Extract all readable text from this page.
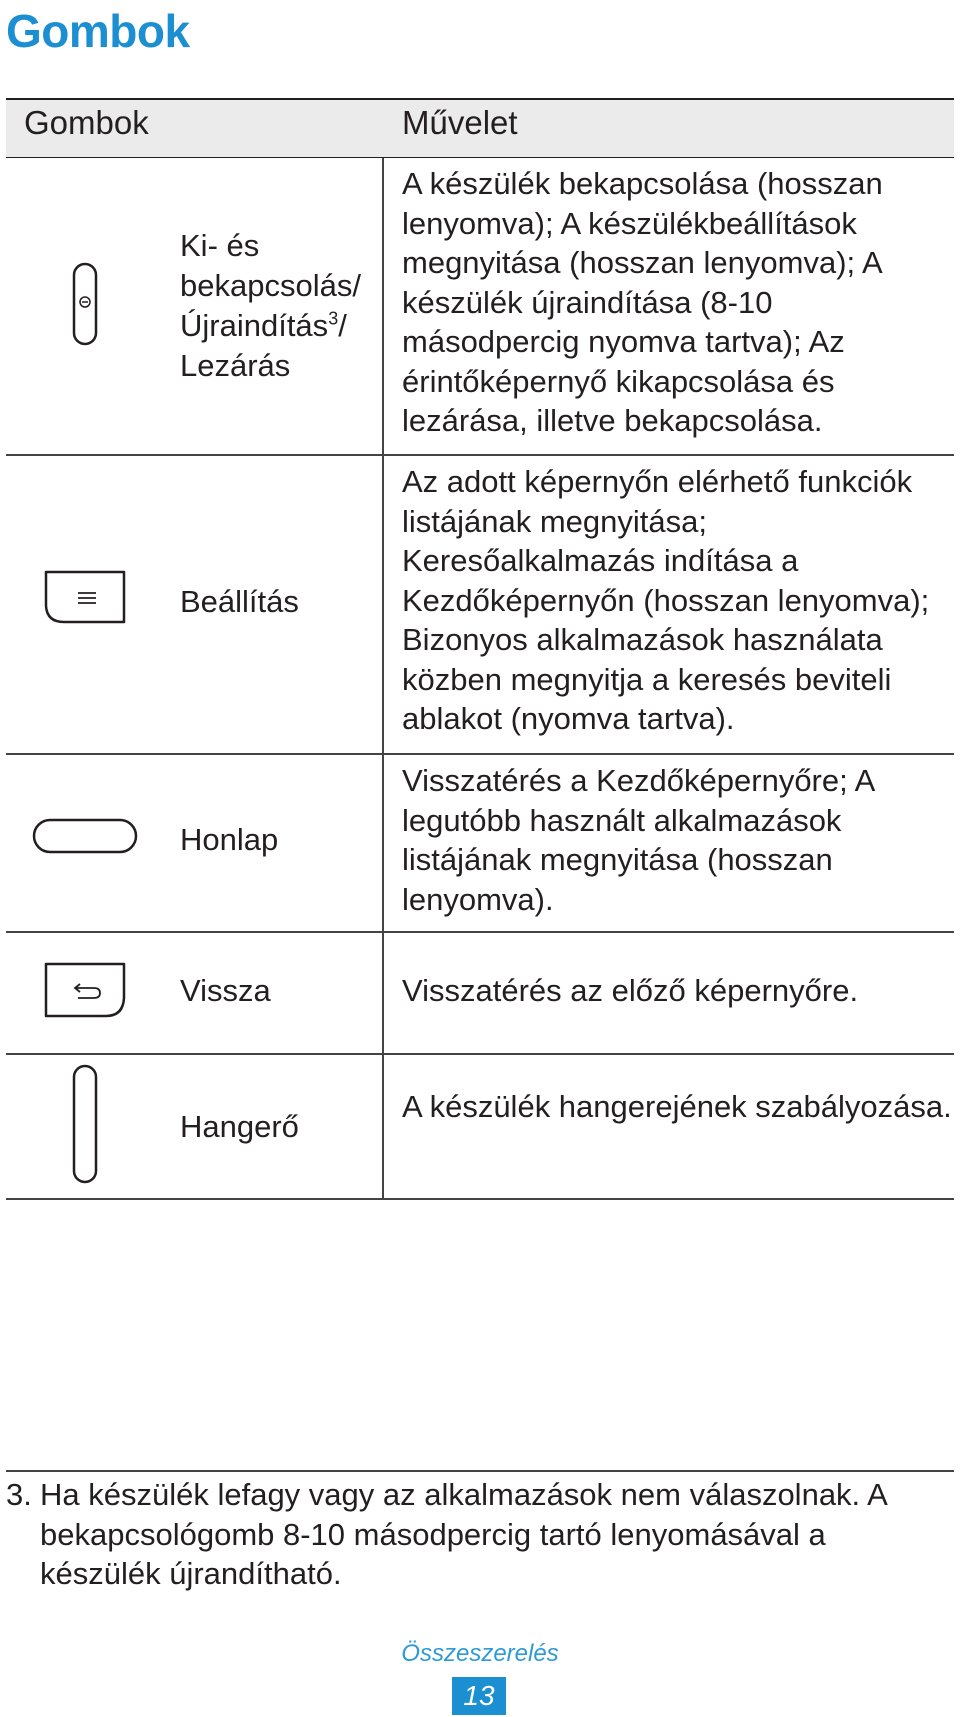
Gombok
Gombok	Művelet
Ki- és
bekapcsolás/
Újraindítás$^3$/
Lezárás
A készülék bekapcsolása (hosszan lenyomva); A készülékbeállítások megnyitása (hosszan lenyomva); A készülék újraindítása (8-10 másodpercig nyomva tartva); Az érintőképernyő kikapcsolása és lezárása, illetve bekapcsolása.
Beállítás
Az adott képernyőn elérhető funkciók listájának megnyitása; Keresőalkalmazás indítása a Kezdőképernyőn (hosszan lenyomva); Bizonyos alkalmazások használata közben megnyitja a keresés beviteli ablakot (nyomva tartva).
Honlap
Visszatérés a Kezdőképernyőre; A legutóbb használt alkalmazások listájának megnyitása (hosszan lenyomva).
Vissza	Visszatérés az előző képernyőre.
Hangerő
A készülék hangerejének szabályozása.
3. Ha készülék lefagy vagy az alkalmazások nem válaszolnak. A bekapcsológomb 8-10 másodpercig tartó lenyomásával a készülék újrandítható.
Összeszerelés
13
